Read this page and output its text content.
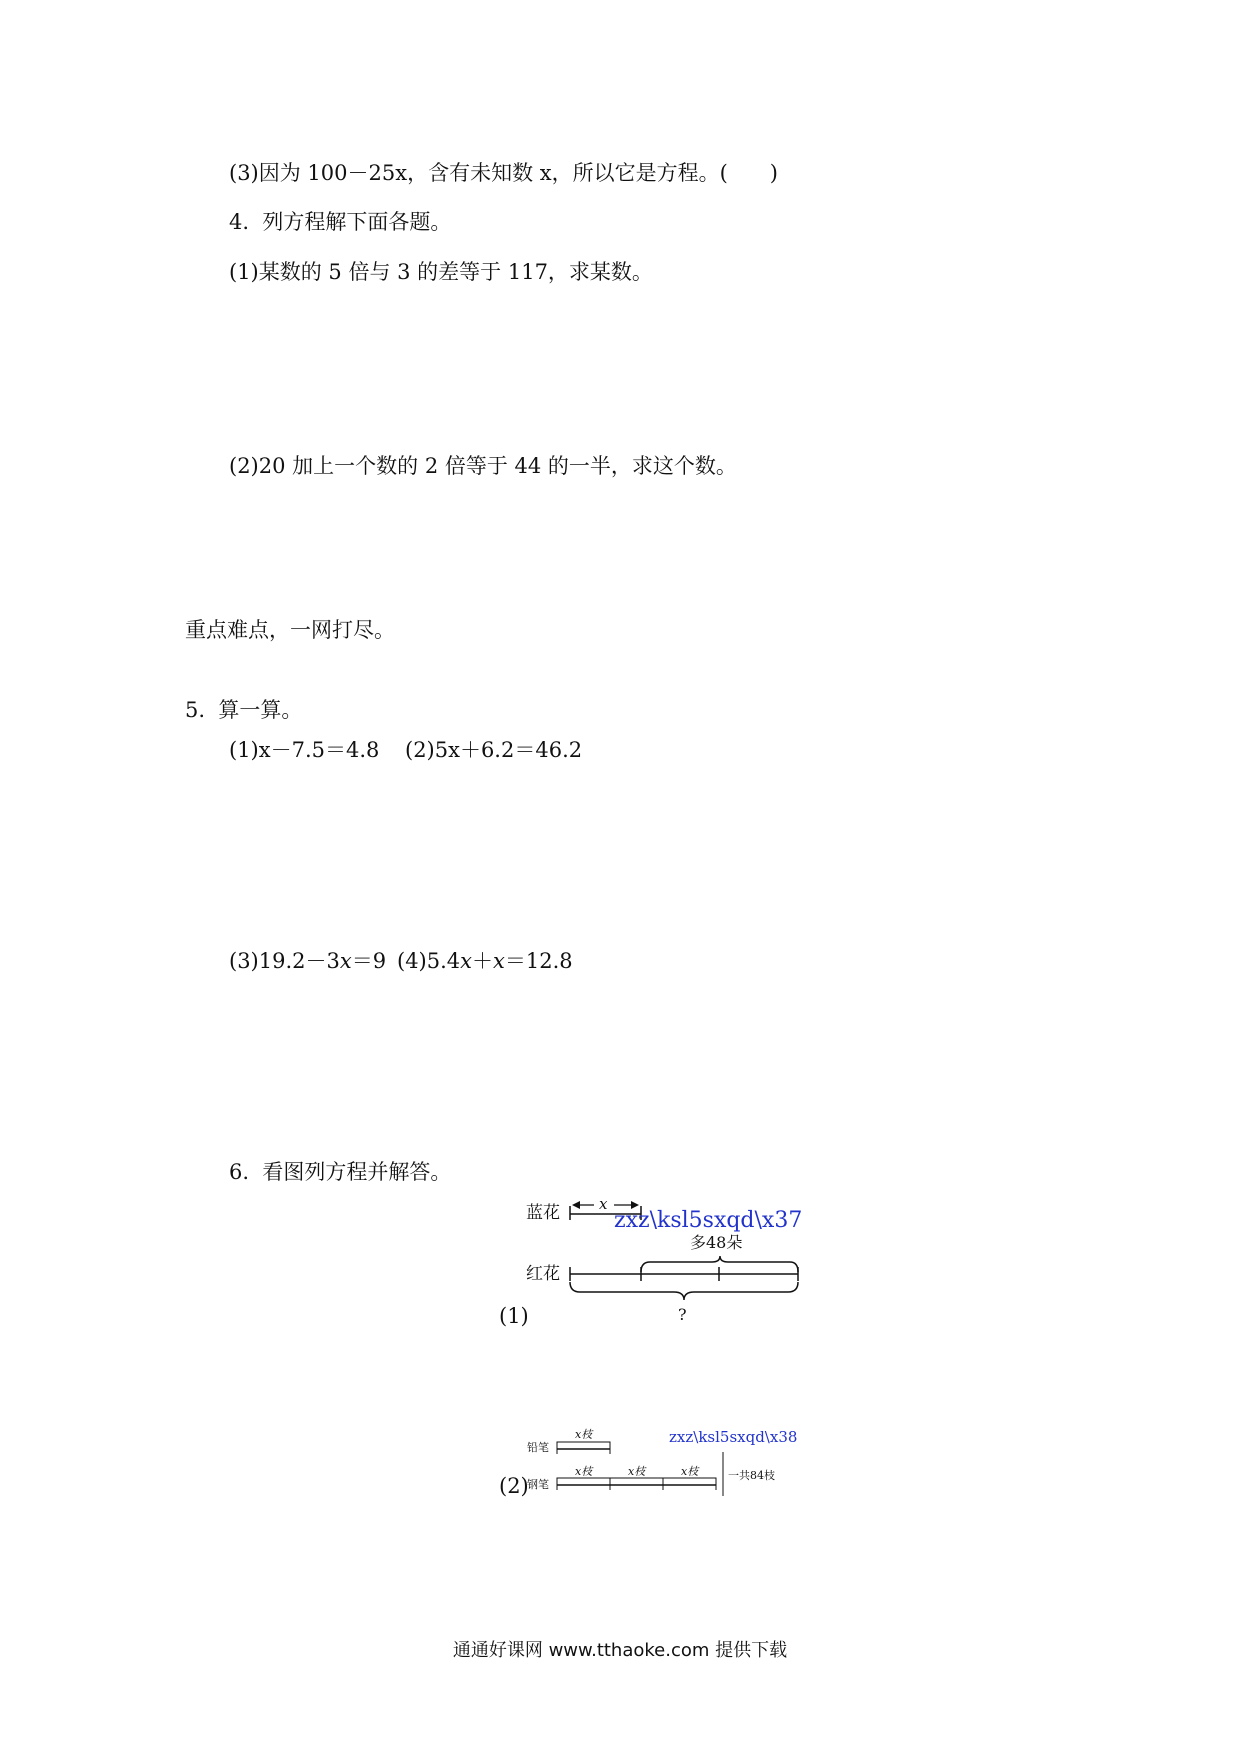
(3)因为 100－25x，含有未知数 x，所以它是方程。(　　)
4.  列方程解下面各题。
(1)某数的 5 倍与 3 的差等于 117，求某数。
(2)20 加上一个数的 2 倍等于 44 的一半，求这个数。
重点难点，一网打尽。
5.  算一算。
(1)x－7.5＝4.8 (2)5x＋6.2＝46.2
(3)19.2－3x＝9 (4)5.4x＋x＝12.8
6.  看图列方程并解答。
蓝花	x
zxz\ksl5sxqd\x37
多48朵
红花
?
(1)
铅笔
x枝	zxz\ksl5sxqd\x38
钢笔
x枝	x枝	x枝	一共84枝
(2)
通通好课网 www.tthaoke.com 提供下载
